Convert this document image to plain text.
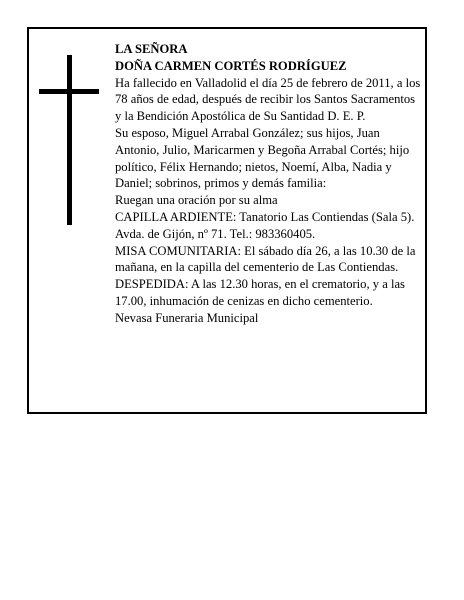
LA SEÑORA

DOÑA CARMEN CORTÉS RODRÍGUEZ

Ha fallecido en Valladolid el día 25 de febrero de 2011, a los 78 años de edad, después de recibir los Santos Sacramentos y la Bendición Apostólica de Su Santidad D. E. P.

Su esposo, Miguel Arrabal González; sus hijos, Juan Antonio, Julio, Maricarmen y Begoña Arrabal Cortés; hijo político, Félix Hernando; nietos, Noemí, Alba, Nadia y Daniel; sobrinos, primos y demás familia:

Ruegan una oración por su alma

CAPILLA ARDIENTE: Tanatorio Las Contiendas (Sala 5). Avda. de Gijón, nº 71. Tel.: 983360405.

MISA COMUNITARIA: El sábado día 26, a las 10.30 de la mañana, en la capilla del cementerio de Las Contiendas.

DESPEDIDA: A las 12.30 horas, en el crematorio, y a las 17.00, inhumación de cenizas en dicho cementerio.

Nevasa Funeraria Municipal
